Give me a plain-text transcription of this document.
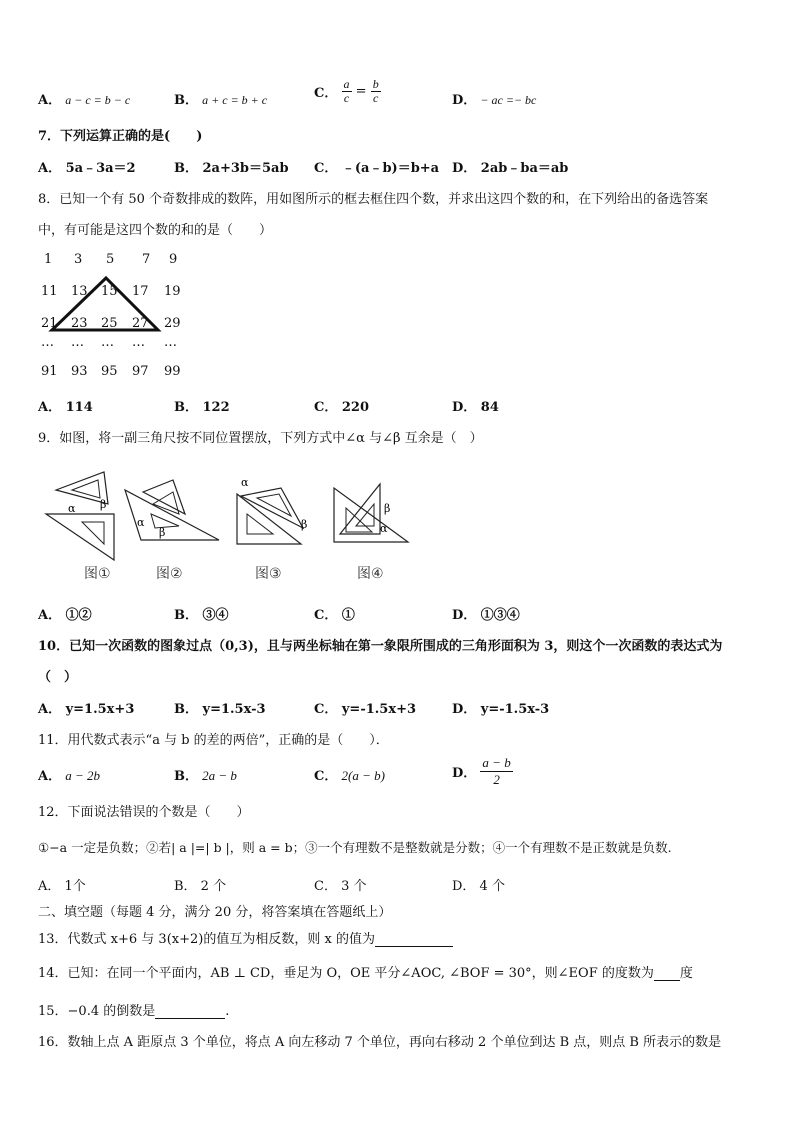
A． a − c = b − c	B． a + c = b + c	C． $\frac{a}{c} = \frac{b}{c}$	D． − ac =− bc
7．下列运算正确的是(　　)
A． 5a﹣3a＝2	B． 2a+3b＝5ab C． ﹣(a﹣b)＝b+a D． 2ab﹣ba＝ab
8．已知一个有 50 个奇数排成的数阵，用如图所示的框去框住四个数，并求出这四个数的和，在下列给出的备选答案
中，有可能是这四个数的和的是（　　）
1 3 5 7 9
11 13 15 17 19
21 23 25 27 29
… … … … …
91 93 95 97 99
A． 114	B． 122	C． 220	D． 84
9．如图，将一副三角尺按不同位置摆放，下列方式中∠α 与∠β 互余是（　）
α β
α
β
α
β
β
α
图①	图②	图③	图④
A． ①②	B． ③④	C． ①	D． ①③④
10．已知一次函数的图象过点（0,3)，且与两坐标轴在第一象限所围成的三角形面积为 3，则这个一次函数的表达式为
（　）
A． y=1.5x+3	B． y=1.5x-3	C． y=-1.5x+3	D． y=-1.5x-3
11．用代数式表示“a 与 b 的差的两倍”，正确的是（　　）．
A． a − 2b	B． 2a − b	C． 2(a − b)	D． $\frac{a - b}{2}$
12．下面说法错误的个数是（　　）
①−a 一定是负数；②若| a |=| b |，则 a = b；③一个有理数不是整数就是分数；④一个有理数不是正数就是负数.
A． 1个	B． 2 个	C． 3 个	D． 4 个
二、填空题（每题 4 分，满分 20 分，将答案填在答题纸上）
13．代数式 x+6 与 3(x+2)的值互为相反数，则 x 的值为
14．已知：在同一个平面内，AB ⊥ CD，垂足为 O，OE 平分∠AOC, ∠BOF = 30°，则∠EOF 的度数为 度
15．−0.4 的倒数是	.
16．数轴上点 A 距原点 3 个单位，将点 A 向左移动 7 个单位，再向右移动 2 个单位到达 B 点，则点 B 所表示的数是
